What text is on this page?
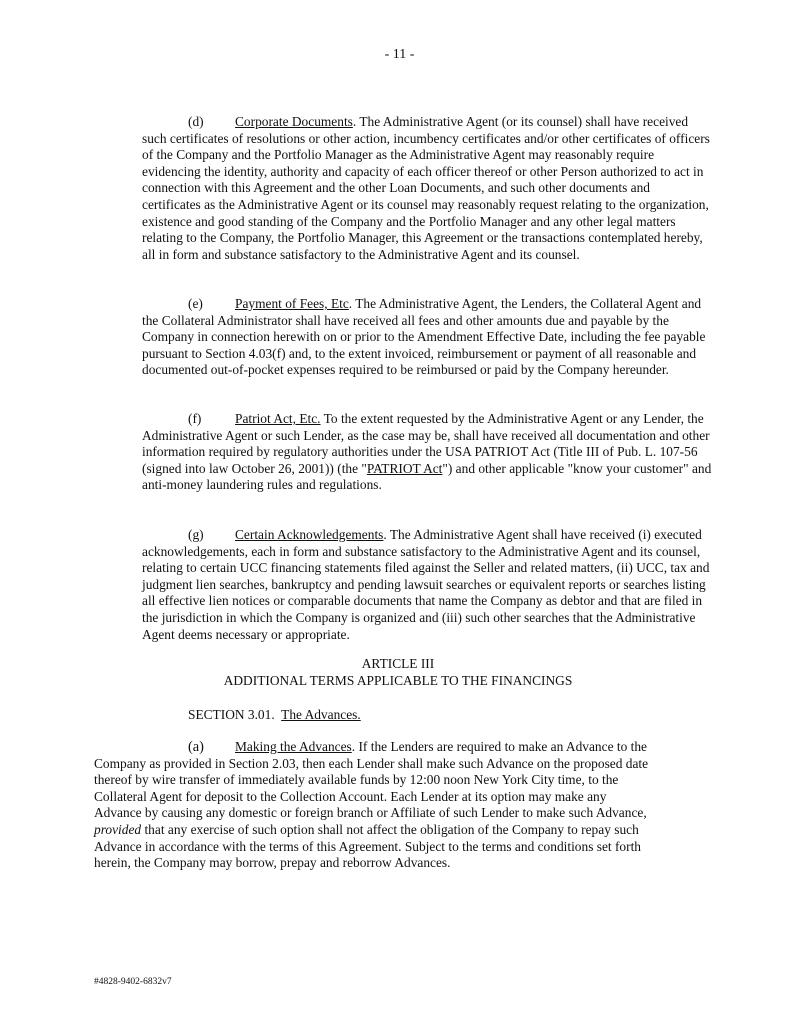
- 11 -

(d) Corporate Documents. The Administrative Agent (or its counsel) shall have received such certificates of resolutions or other action, incumbency certificates and/or other certificates of officers of the Company and the Portfolio Manager as the Administrative Agent may reasonably require evidencing the identity, authority and capacity of each officer thereof or other Person authorized to act in connection with this Agreement and the other Loan Documents, and such other documents and certificates as the Administrative Agent or its counsel may reasonably request relating to the organization, existence and good standing of the Company and the Portfolio Manager and any other legal matters relating to the Company, the Portfolio Manager, this Agreement or the transactions contemplated hereby, all in form and substance satisfactory to the Administrative Agent and its counsel.

(e) Payment of Fees, Etc. The Administrative Agent, the Lenders, the Collateral Agent and the Collateral Administrator shall have received all fees and other amounts due and payable by the Company in connection herewith on or prior to the Amendment Effective Date, including the fee payable pursuant to Section 4.03(f) and, to the extent invoiced, reimbursement or payment of all reasonable and documented out-of-pocket expenses required to be reimbursed or paid by the Company hereunder.

(f)	Patriot Act, Etc. To the extent requested by the Administrative Agent or any Lender, the Administrative Agent or such Lender, as the case may be, shall have received all documentation and other information required by regulatory authorities under the USA PATRIOT Act (Title III of Pub. L. 107-56 (signed into law October 26, 2001)) (the "PATRIOT Act") and other applicable "know your customer" and anti-money laundering rules and regulations.

(g) Certain Acknowledgements. The Administrative Agent shall have received (i) executed acknowledgements, each in form and substance satisfactory to the Administrative Agent and its counsel, relating to certain UCC financing statements filed against the Seller and related matters, (ii) UCC, tax and judgment lien searches, bankruptcy and pending lawsuit searches or equivalent reports or searches listing all effective lien notices or comparable documents that name the Company as debtor and that are filed in the jurisdiction in which the Company is organized and (iii) such other searches that the Administrative Agent deems necessary or appropriate.

ARTICLE III
ADDITIONAL TERMS APPLICABLE TO THE FINANCINGS
SECTION 3.01. The Advances.

(a) Making the Advances. If the Lenders are required to make an Advance to the Company as provided in Section 2.03, then each Lender shall make such Advance on the proposed date thereof by wire transfer of immediately available funds by 12:00 noon New York City time, to the Collateral Agent for deposit to the Collection Account. Each Lender at its option may make any Advance by causing any domestic or foreign branch or Affiliate of such Lender to make such Advance, provided that any exercise of such option shall not affect the obligation of the Company to repay such Advance in accordance with the terms of this Agreement. Subject to the terms and conditions set forth herein, the Company may borrow, prepay and reborrow Advances.

#4828-9402-6832v7
